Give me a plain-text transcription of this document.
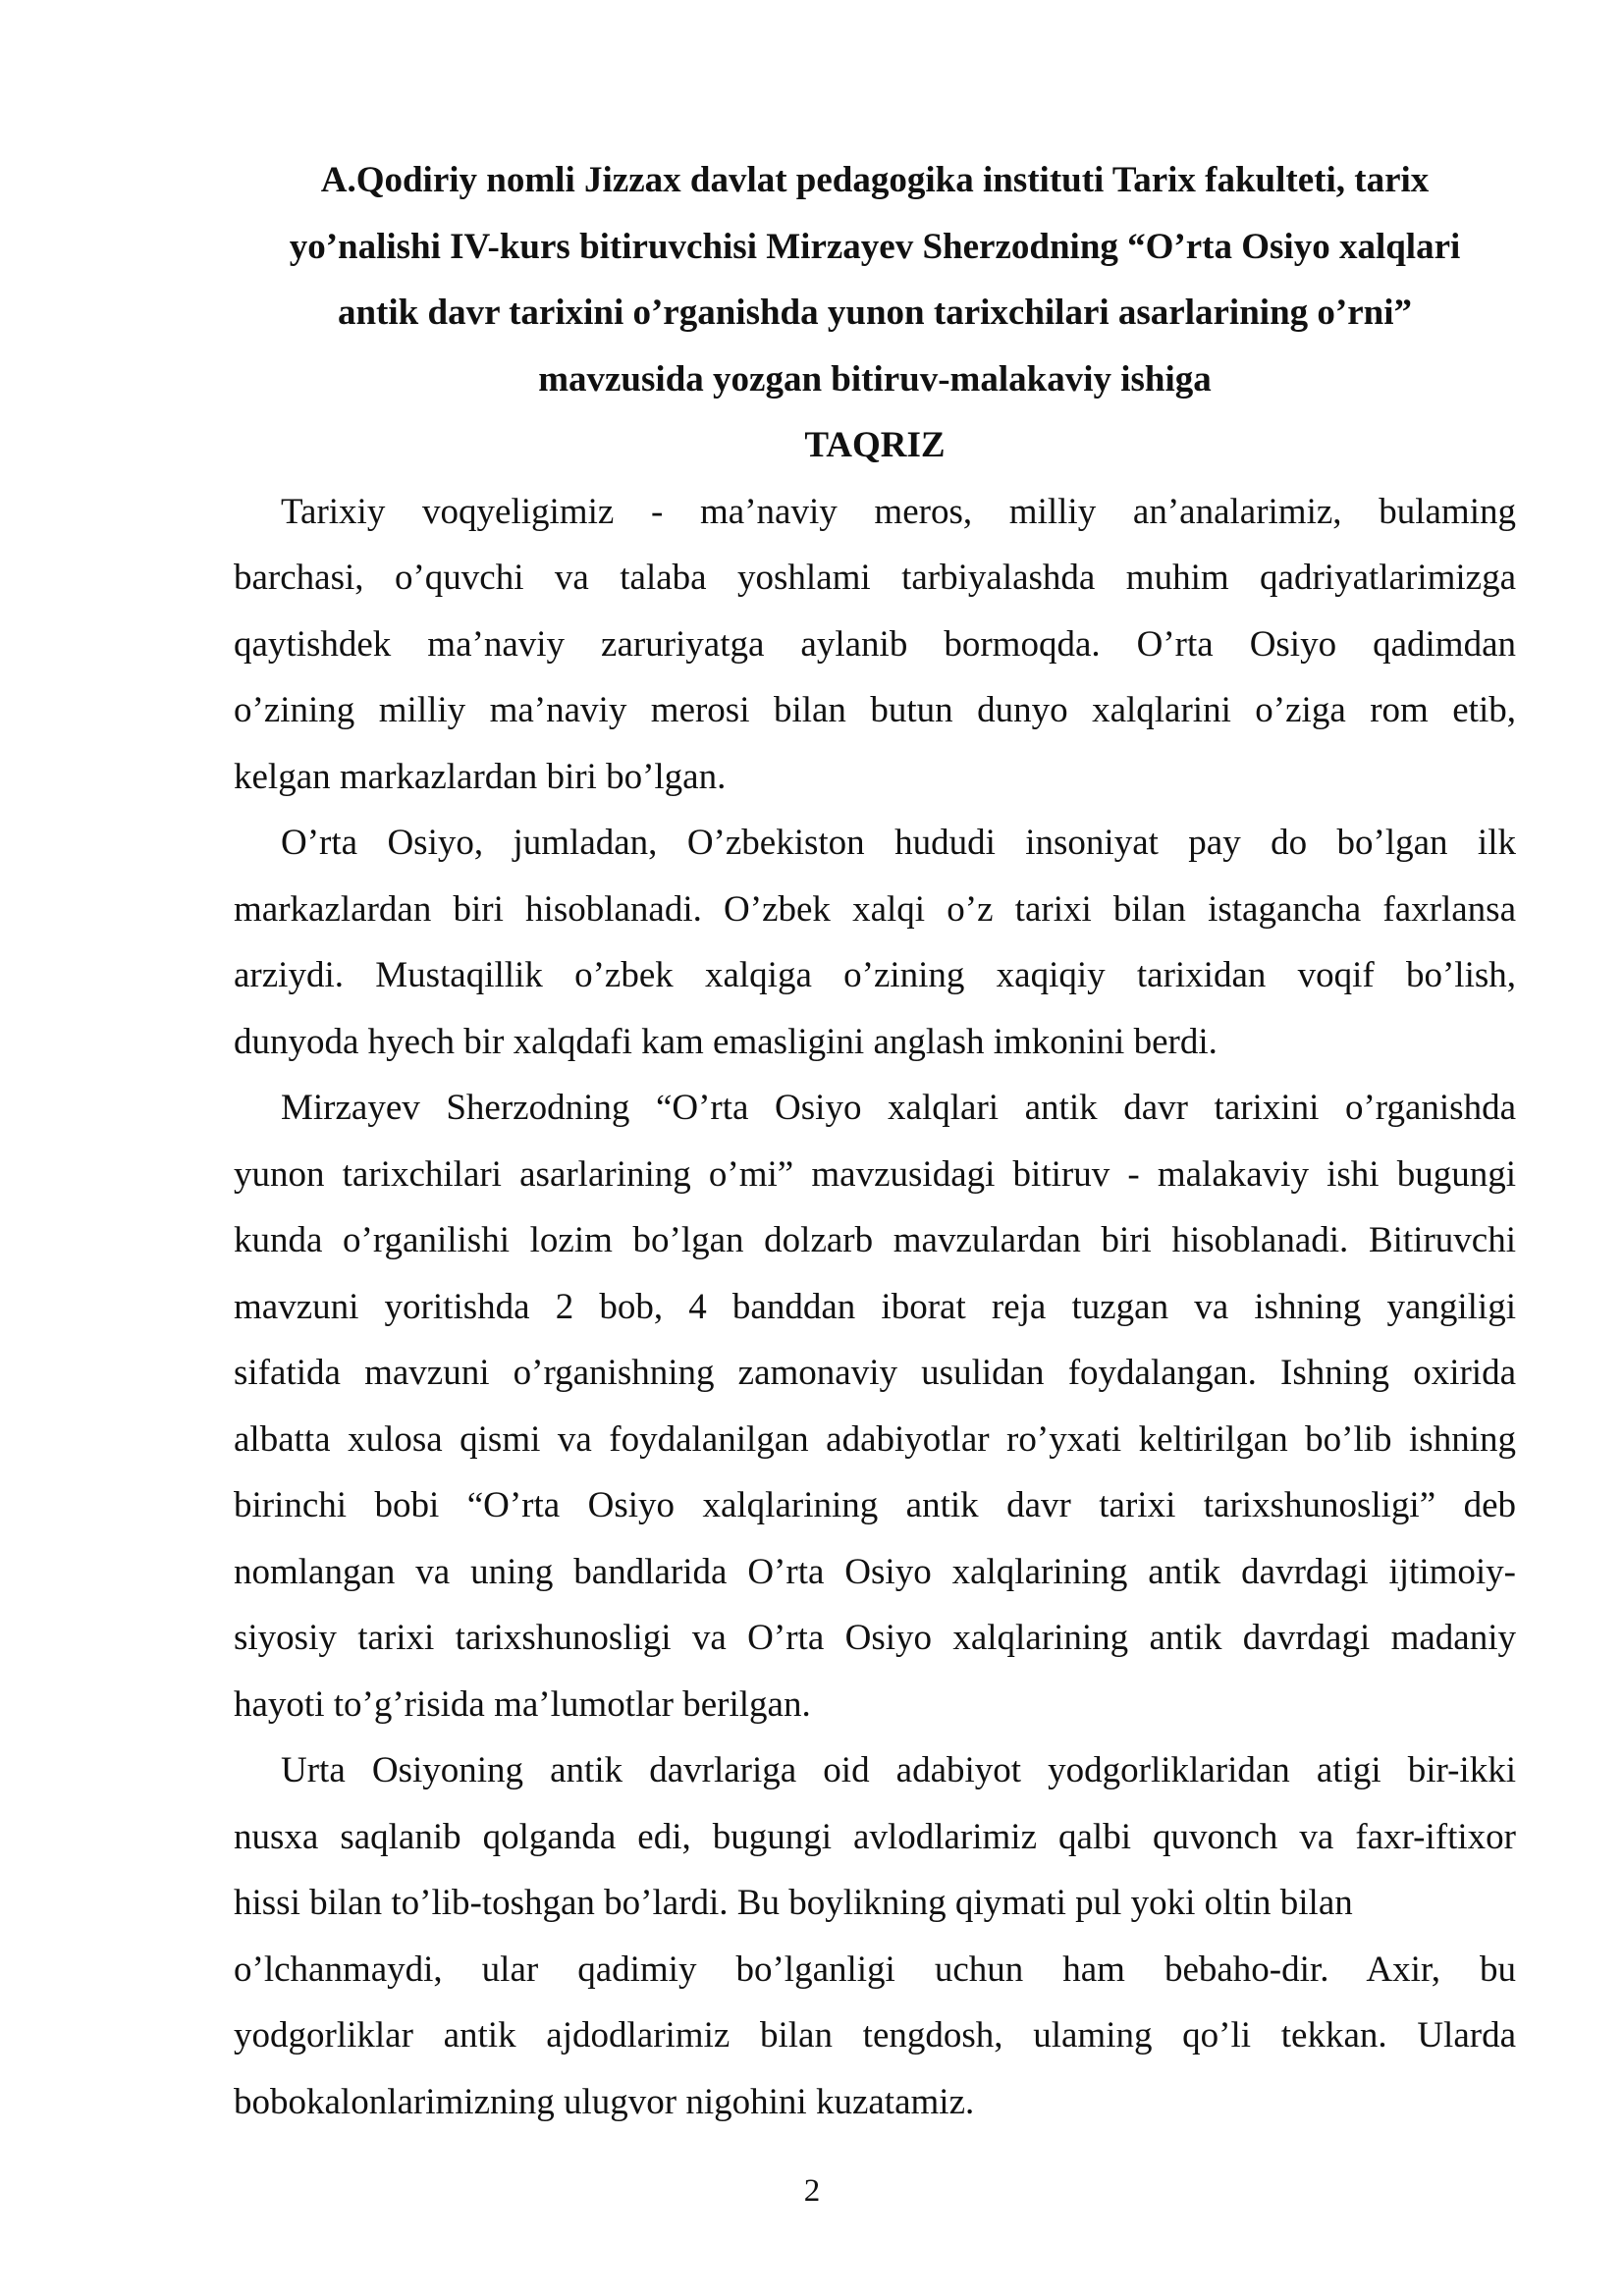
A.Qodiriy nomli Jizzax davlat pedagogika instituti Tarix fakulteti, tarix
yo’nalishi IV-kurs bitiruvchisi Mirzayev Sherzodning “O’rta Osiyo xalqlari
antik davr tarixini o’rganishda yunon tarixchilari asarlarining o’rni”
mavzusida yozgan bitiruv-malakaviy ishiga
TAQRIZ
Tarixiy voqyeligimiz - ma’naviy meros, milliy an’analarimiz, bulaming
barchasi, o’quvchi va talaba yoshlami tarbiyalashda muhim qadriyatlarimizga
qaytishdek ma’naviy zaruriyatga aylanib bormoqda. O’rta Osiyo qadimdan
o’zining milliy ma’naviy merosi bilan butun dunyo xalqlarini o’ziga rom etib,
kelgan markazlardan biri bo’lgan.
O’rta Osiyo, jumladan, O’zbekiston hududi insoniyat pay do bo’lgan ilk
markazlardan biri hisoblanadi. O’zbek xalqi o’z tarixi bilan istagancha faxrlansa
arziydi. Mustaqillik o’zbek xalqiga o’zining xaqiqiy tarixidan voqif bo’lish,
dunyoda hyech bir xalqdafi kam emasligini anglash imkonini berdi.
Mirzayev Sherzodning “O’rta Osiyo xalqlari antik davr tarixini o’rganishda
yunon tarixchilari asarlarining o’mi” mavzusidagi bitiruv - malakaviy ishi bugungi
kunda o’rganilishi lozim bo’lgan dolzarb mavzulardan biri hisoblanadi. Bitiruvchi
mavzuni yoritishda 2 bob, 4 banddan iborat reja tuzgan va ishning yangiligi
sifatida mavzuni o’rganishning zamonaviy usulidan foydalangan. Ishning oxirida
albatta xulosa qismi va foydalanilgan adabiyotlar ro’yxati keltirilgan bo’lib ishning
birinchi bobi “O’rta Osiyo xalqlarining antik davr tarixi tarixshunosligi” deb
nomlangan va uning bandlarida O’rta Osiyo xalqlarining antik davrdagi ijtimoiy-
siyosiy tarixi tarixshunosligi va O’rta Osiyo xalqlarining antik davrdagi madaniy
hayoti to’g’risida ma’lumotlar berilgan.
Urta Osiyoning antik davrlariga oid adabiyot yodgorliklaridan atigi bir-ikki
nusxa saqlanib qolganda edi, bugungi avlodlarimiz qalbi quvonch va faxr-iftixor
hissi bilan to’lib-toshgan bo’lardi. Bu boylikning qiymati pul yoki oltin bilan
o’lchanmaydi, ular qadimiy bo’lganligi uchun ham bebaho-dir. Axir, bu
yodgorliklar antik ajdodlarimiz bilan tengdosh, ulaming qo’li tekkan. Ularda
bobokalonlarimizning ulugvor nigohini kuzatamiz.
2
